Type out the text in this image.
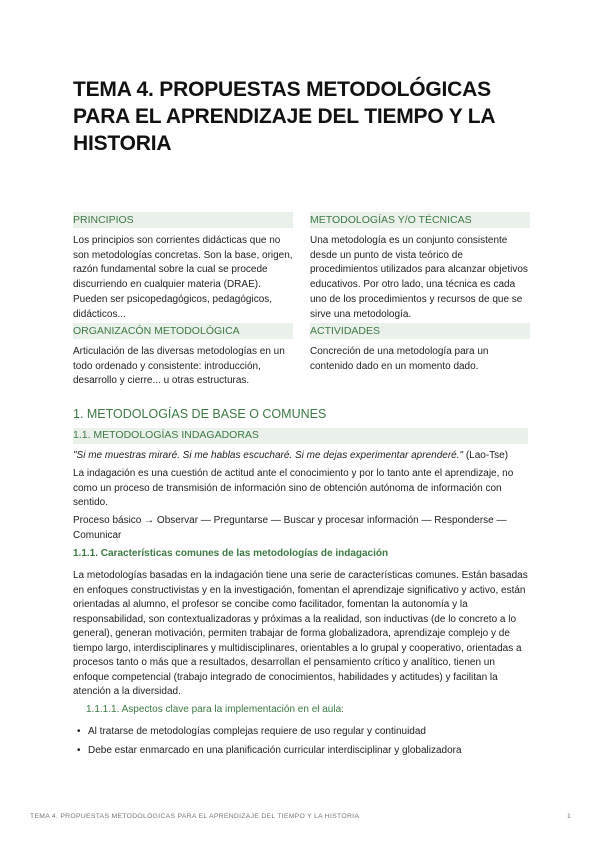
TEMA 4. PROPUESTAS METODOLÓGICAS PARA EL APRENDIZAJE DEL TIEMPO Y LA HISTORIA
PRINCIPIOS
Los principios son corrientes didácticas que no son metodologías concretas. Son la base, origen, razón fundamental sobre la cual se procede discurriendo en cualquier materia (DRAE). Pueden ser psicopedagógicos, pedagógicos, didácticos...
METODOLOGÍAS Y/O TÉCNICAS
Una metodología es un conjunto consistente desde un punto de vista teórico de procedimientos utilizados para alcanzar objetivos educativos. Por otro lado, una técnica es cada uno de los procedimientos y recursos de que se sirve una metodología.
ORGANIZACÓN METODOLÓGICA
Articulación de las diversas metodologías en un todo ordenado y consistente: introducción, desarrollo y cierre... u otras estructuras.
ACTIVIDADES
Concreción de una metodología para un contenido dado en un momento dado.
1. METODOLOGÍAS DE BASE O COMUNES
1.1. METODOLOGÍAS INDAGADORAS
"Si me muestras miraré. Si me hablas escucharé. Si me dejas experimentar aprenderé." (Lao-Tse)
La indagación es una cuestión de actitud ante el conocimiento y por lo tanto ante el aprendizaje, no como un proceso de transmisión de información sino de obtención autónoma de información con sentido.
Proceso básico → Observar — Preguntarse — Buscar y procesar información — Responderse — Comunicar
1.1.1. Características comunes de las metodologías de indagación
La metodologías basadas en la indagación tiene una serie de características comunes. Están basadas en enfoques constructivistas y en la investigación, fomentan el aprendizaje significativo y activo, están orientadas al alumno, el profesor se concibe como facilitador, fomentan la autonomía y la responsabilidad, son contextualizadoras y próximas a la realidad, son inductivas (de lo concreto a lo general), generan motivación, permiten trabajar de forma globalizadora, aprendizaje complejo y de tiempo largo, interdisciplinares y multidisciplinares, orientables a lo grupal y cooperativo, orientadas a procesos tanto o más que a resultados, desarrollan el pensamiento crítico y analítico, tienen un enfoque competencial (trabajo integrado de conocimientos, habilidades y actitudes) y facilitan la atención a la diversidad.
1.1.1.1. Aspectos clave para la implementación en el aula:
• Al tratarse de metodologías complejas requiere de uso regular y continuidad
• Debe estar enmarcado en una planificación curricular interdisciplinar y globalizadora
TEMA 4. PROPUESTAS METODOLÓGICAS PARA EL APRENDIZAJE DEL TIEMPO Y LA HISTORIA	1
